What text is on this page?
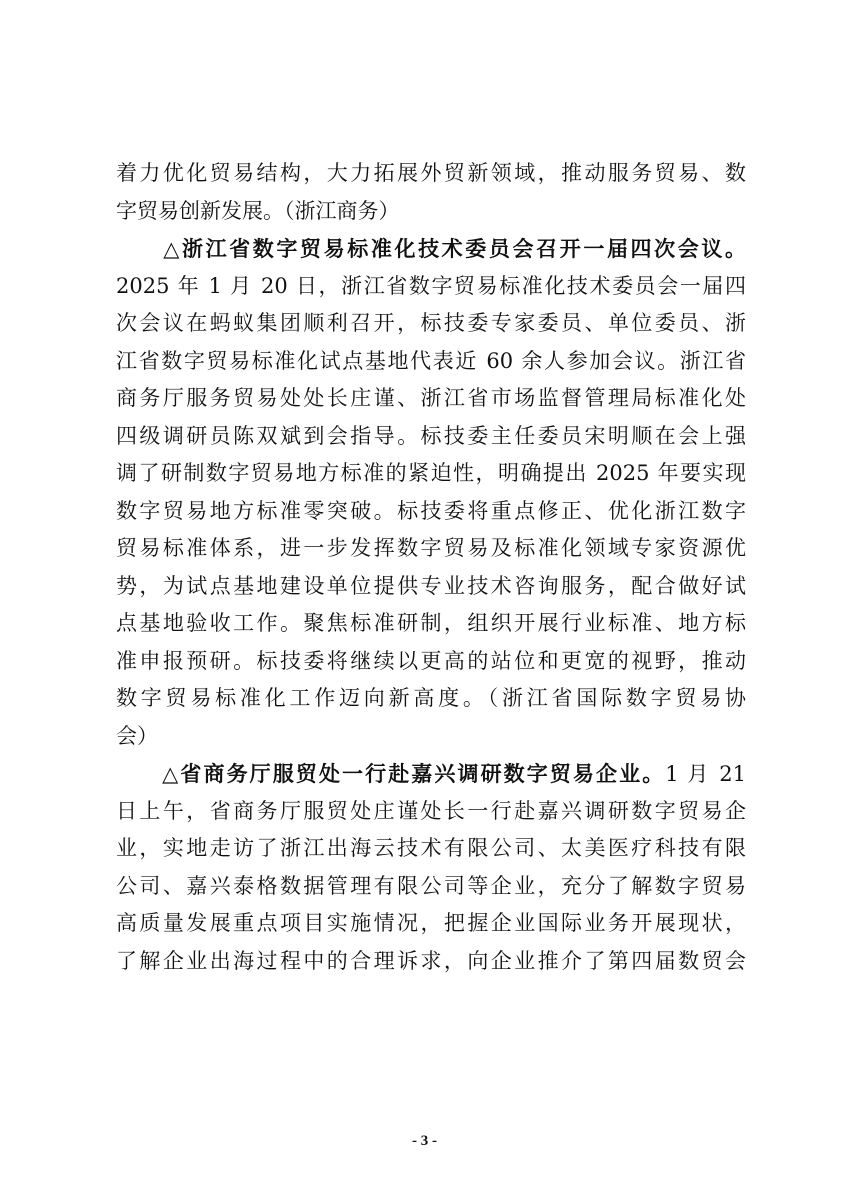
着力优化贸易结构，大力拓展外贸新领域，推动服务贸易、数
字贸易创新发展。（浙江商务）
　　△浙江省数字贸易标准化技术委员会召开一届四次会议。
2025 年 1 月 20 日，浙江省数字贸易标准化技术委员会一届四
次会议在蚂蚁集团顺利召开，标技委专家委员、单位委员、浙
江省数字贸易标准化试点基地代表近 60 余人参加会议。浙江省
商务厅服务贸易处处长庄谨、浙江省市场监督管理局标准化处
四级调研员陈双斌到会指导。标技委主任委员宋明顺在会上强
调了研制数字贸易地方标准的紧迫性，明确提出 2025 年要实现
数字贸易地方标准零突破。标技委将重点修正、优化浙江数字
贸易标准体系，进一步发挥数字贸易及标准化领域专家资源优
势，为试点基地建设单位提供专业技术咨询服务，配合做好试
点基地验收工作。聚焦标准研制，组织开展行业标准、地方标
准申报预研。标技委将继续以更高的站位和更宽的视野，推动
数字贸易标准化工作迈向新高度。（浙江省国际数字贸易协
会）
　　△省商务厅服贸处一行赴嘉兴调研数字贸易企业。1 月 21
日上午，省商务厅服贸处庄谨处长一行赴嘉兴调研数字贸易企
业，实地走访了浙江出海云技术有限公司、太美医疗科技有限
公司、嘉兴泰格数据管理有限公司等企业，充分了解数字贸易
高质量发展重点项目实施情况，把握企业国际业务开展现状，
了解企业出海过程中的合理诉求，向企业推介了第四届数贸会
- 3 -
